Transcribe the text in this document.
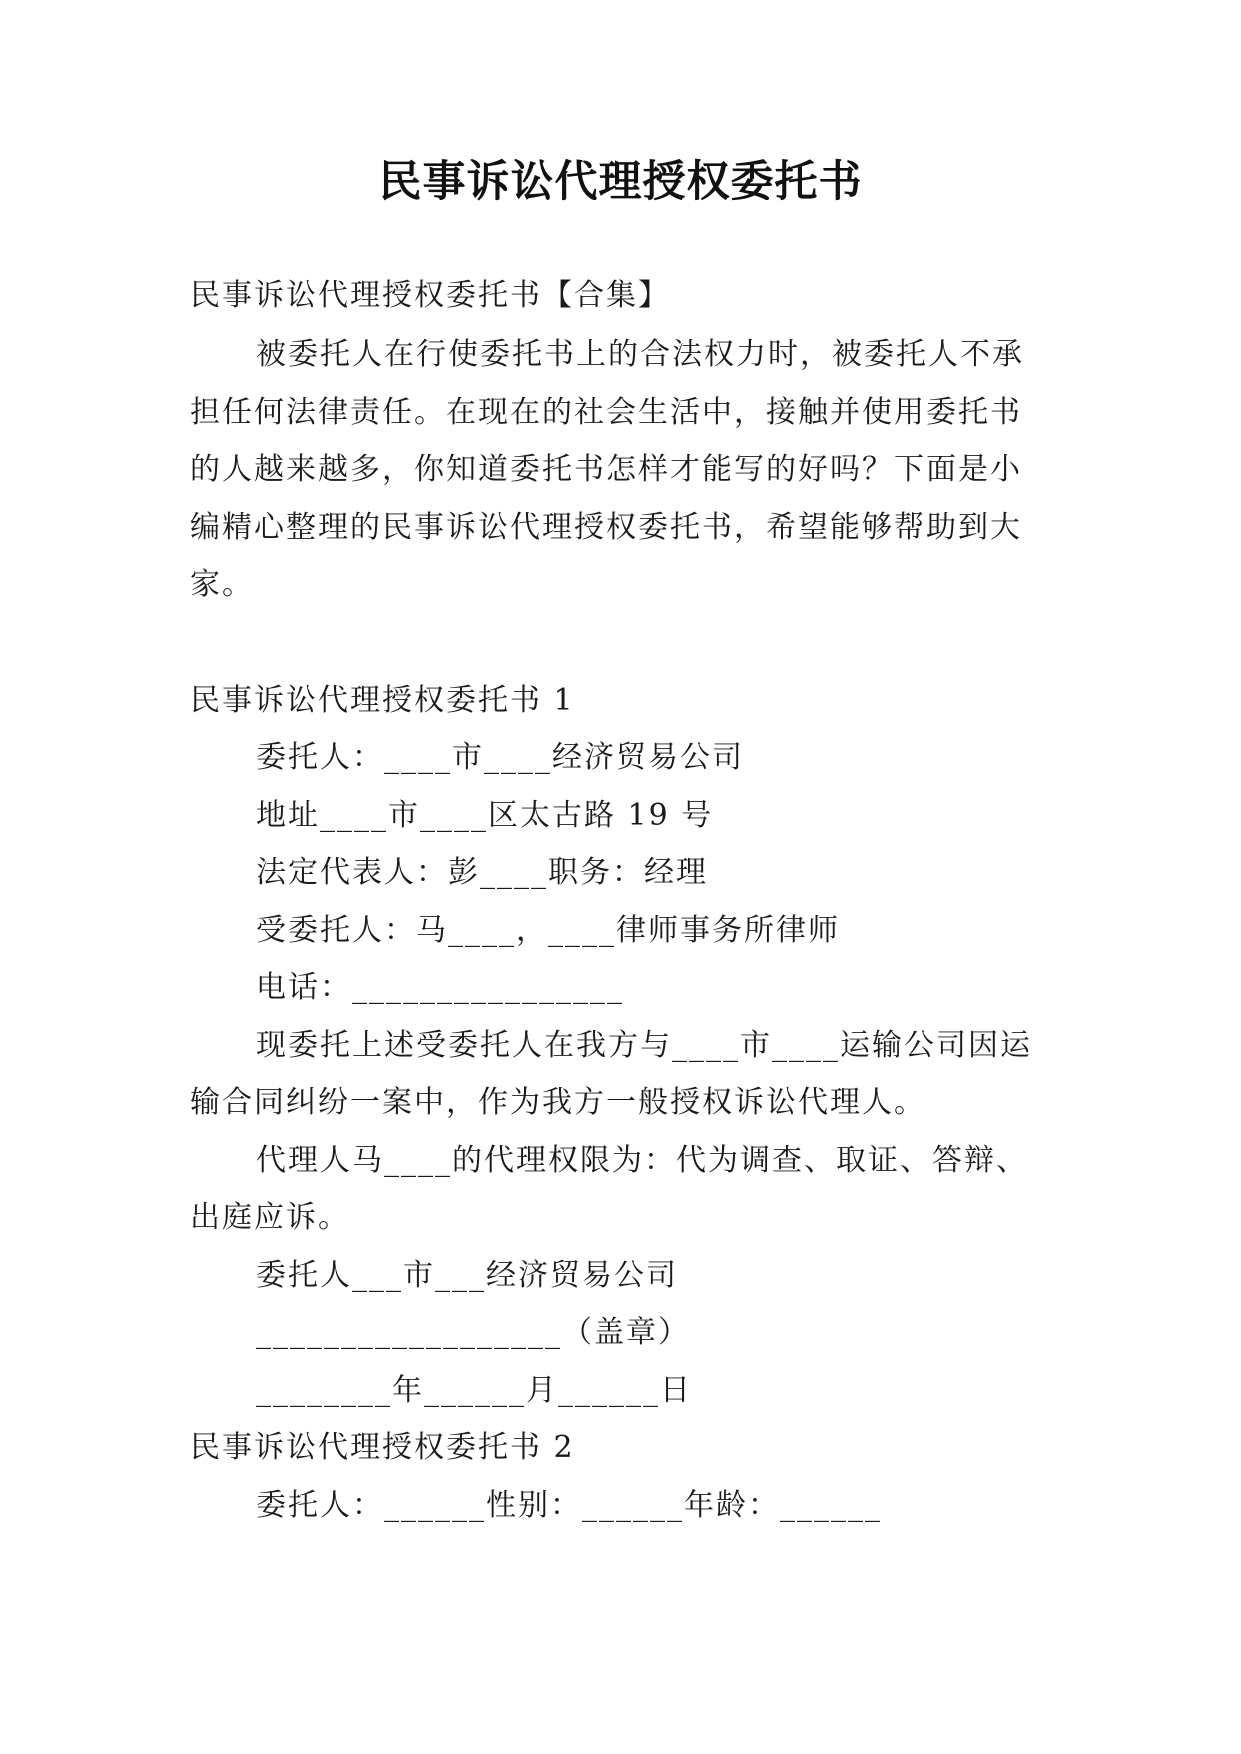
民事诉讼代理授权委托书
民事诉讼代理授权委托书【合集】
被委托人在行使委托书上的合法权力时，被委托人不承
担任何法律责任。在现在的社会生活中，接触并使用委托书
的人越来越多，你知道委托书怎样才能写的好吗？下面是小
编精心整理的民事诉讼代理授权委托书，希望能够帮助到大
家。
民事诉讼代理授权委托书 1
委托人：____市____经济贸易公司
地址____市____区太古路 19 号
法定代表人：彭____职务：经理
受委托人：马____，____律师事务所律师
电话：________________
现委托上述受委托人在我方与____市____运输公司因运
输合同纠纷一案中，作为我方一般授权诉讼代理人。
代理人马____的代理权限为：代为调查、取证、答辩、
出庭应诉。
委托人___市___经济贸易公司
__________________（盖章）
________年______月______日
民事诉讼代理授权委托书 2
委托人：______性别：______年龄：______
